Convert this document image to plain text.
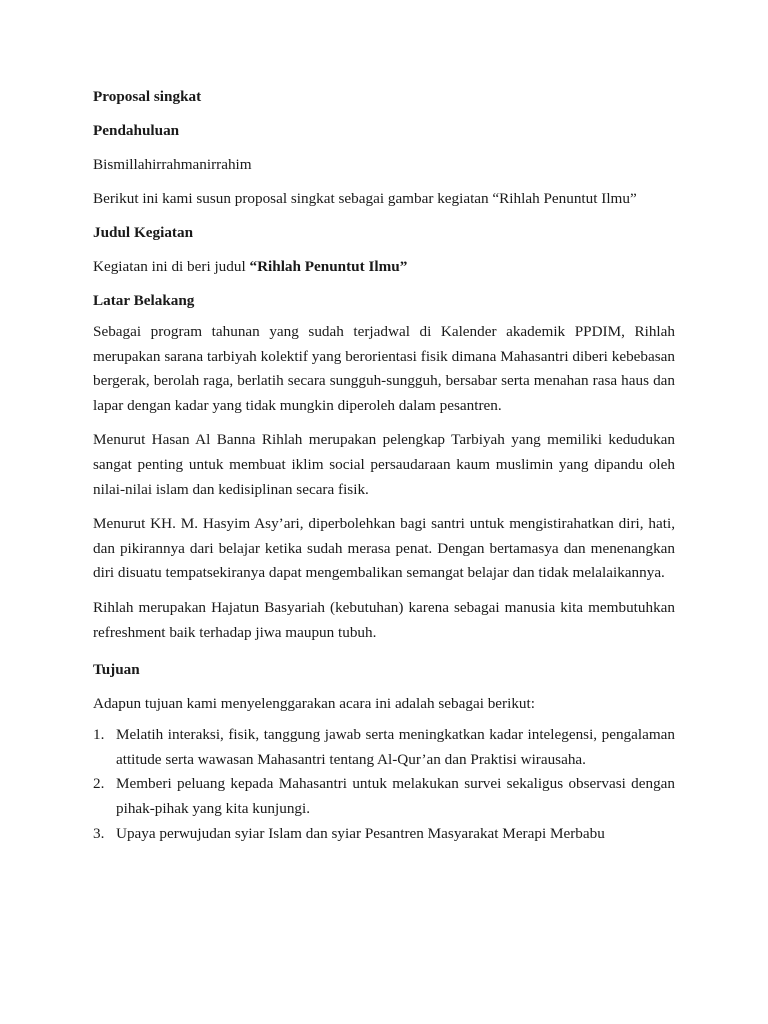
Proposal singkat

Pendahuluan

Bismillahirrahmanirrahim

Berikut ini kami susun proposal singkat sebagai gambar kegiatan “Rihlah Penuntut Ilmu”

Judul Kegiatan

Kegiatan ini di beri judul “Rihlah Penuntut Ilmu”

Latar Belakang

Sebagai program tahunan yang sudah terjadwal di Kalender akademik PPDIM, Rihlah merupakan sarana tarbiyah kolektif yang berorientasi fisik dimana Mahasantri diberi kebebasan bergerak, berolah raga, berlatih secara sungguh-sungguh, bersabar serta menahan rasa haus dan lapar dengan kadar yang tidak mungkin diperoleh dalam pesantren.

Menurut Hasan Al Banna Rihlah merupakan pelengkap Tarbiyah yang memiliki kedudukan sangat penting untuk membuat iklim social persaudaraan kaum muslimin yang dipandu oleh nilai-nilai islam dan kedisiplinan secara fisik.

Menurut KH. M. Hasyim Asy’ari, diperbolehkan bagi santri untuk mengistirahatkan diri, hati, dan pikirannya dari belajar ketika sudah merasa penat. Dengan bertamasya dan menenangkan diri disuatu tempatsekiranya dapat mengembalikan semangat belajar dan tidak melalaikannya.

Rihlah merupakan Hajatun Basyariah (kebutuhan) karena sebagai manusia kita membutuhkan refreshment baik terhadap jiwa maupun tubuh.

Tujuan

Adapun tujuan kami menyelenggarakan acara ini adalah sebagai berikut:

1. Melatih interaksi, fisik, tanggung jawab serta meningkatkan kadar intelegensi, pengalaman attitude serta wawasan Mahasantri tentang Al-Qur’an dan Praktisi wirausaha.
2. Memberi peluang kepada Mahasantri untuk melakukan survei sekaligus observasi dengan pihak-pihak yang kita kunjungi.
3. Upaya perwujudan syiar Islam dan syiar Pesantren Masyarakat Merapi Merbabu
